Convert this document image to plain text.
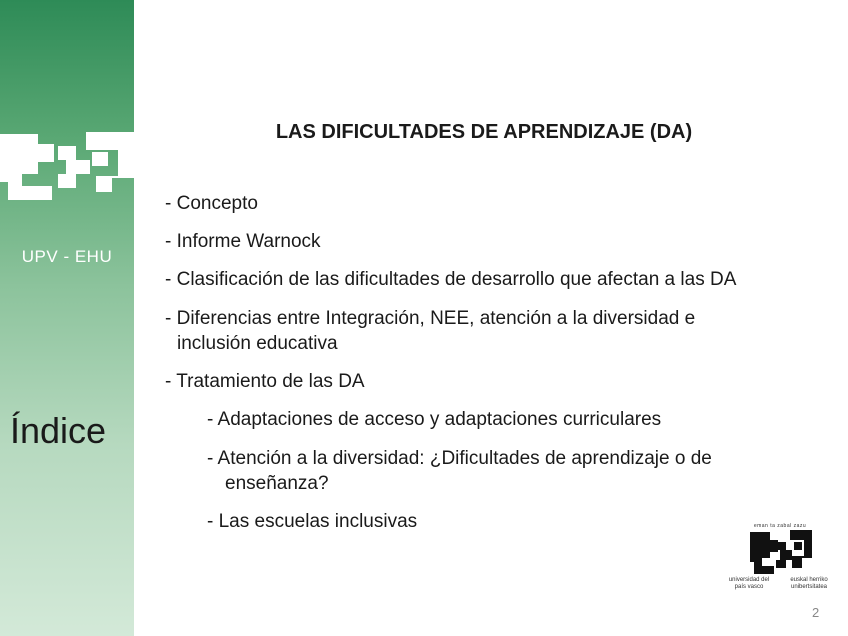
UPV - EHU
Índice
LAS DIFICULTADES DE APRENDIZAJE (DA)
- Concepto
- Informe Warnock
- Clasificación de las dificultades de desarrollo que afectan a las DA
- Diferencias entre Integración, NEE, atención a la diversidad e
inclusión educativa
- Tratamiento de las DA
- Adaptaciones de acceso y adaptaciones curriculares
- Atención a la diversidad: ¿Dificultades de aprendizaje o de
enseñanza?
- Las escuelas inclusivas	eman ta zabal zazu
universidad del país vasco
euskal herriko unibertsitatea
2
